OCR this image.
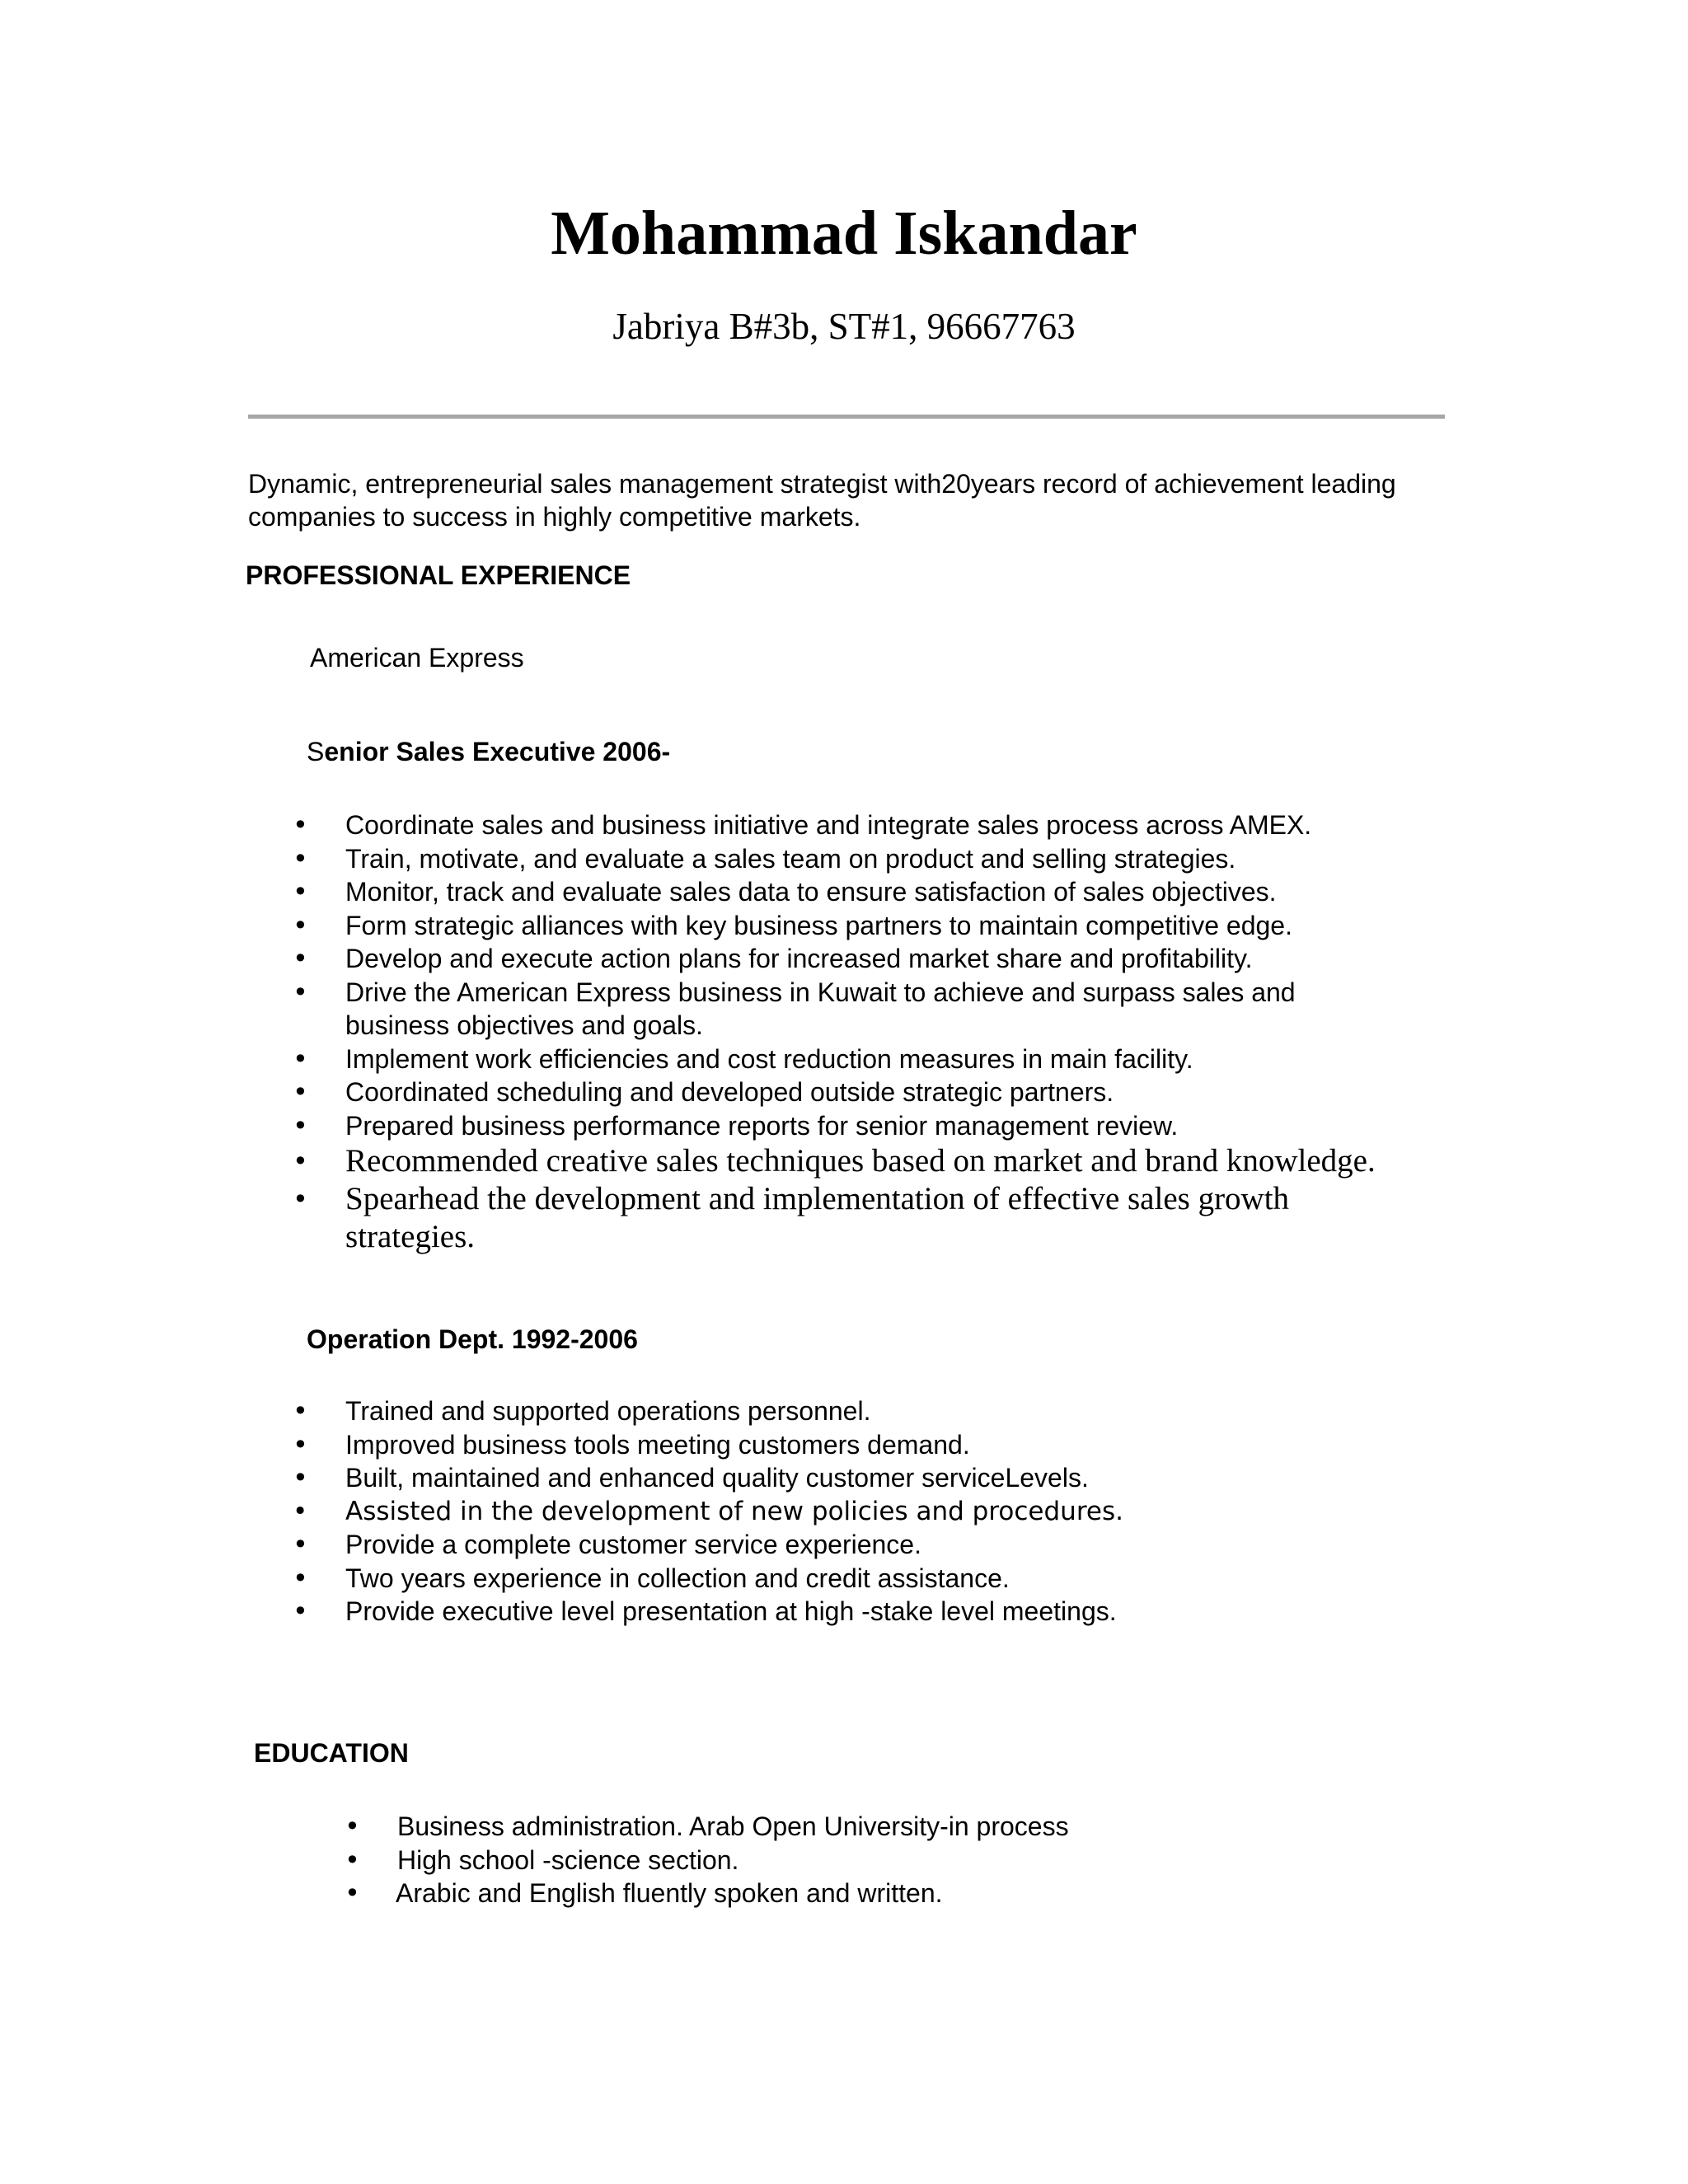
Mohammad Iskandar

Jabriya B#3b, ST#1, 96667763

Dynamic, entrepreneurial sales management strategist with20years record of achievement leading companies to success in highly competitive markets.

PROFESSIONAL EXPERIENCE

American Express

Senior Sales Executive 2006-

• Coordinate sales and business initiative and integrate sales process across AMEX.
• Train, motivate, and evaluate a sales team on product and selling strategies.
• Monitor, track and evaluate sales data to ensure satisfaction of sales objectives.
• Form strategic alliances with key business partners to maintain competitive edge.
• Develop and execute action plans for increased market share and profitability.
• Drive the American Express business in Kuwait to achieve and surpass sales and business objectives and goals.
• Implement work efficiencies and cost reduction measures in main facility.
• Coordinated scheduling and developed outside strategic partners.
• Prepared business performance reports for senior management review.
• Recommended creative sales techniques based on market and brand knowledge.
• Spearhead the development and implementation of effective sales growth strategies.

Operation Dept. 1992-2006

• Trained and supported operations personnel.
• Improved business tools meeting customers demand.
• Built, maintained and enhanced quality customer serviceLevels.
• Assisted in the development of new policies and procedures.
• Provide a complete customer service experience.
• Two years experience in collection and credit assistance.
• Provide executive level presentation at high -stake level meetings.

EDUCATION

• Business administration. Arab Open University-in process
• High school -science section.
• Arabic and English fluently spoken and written.
